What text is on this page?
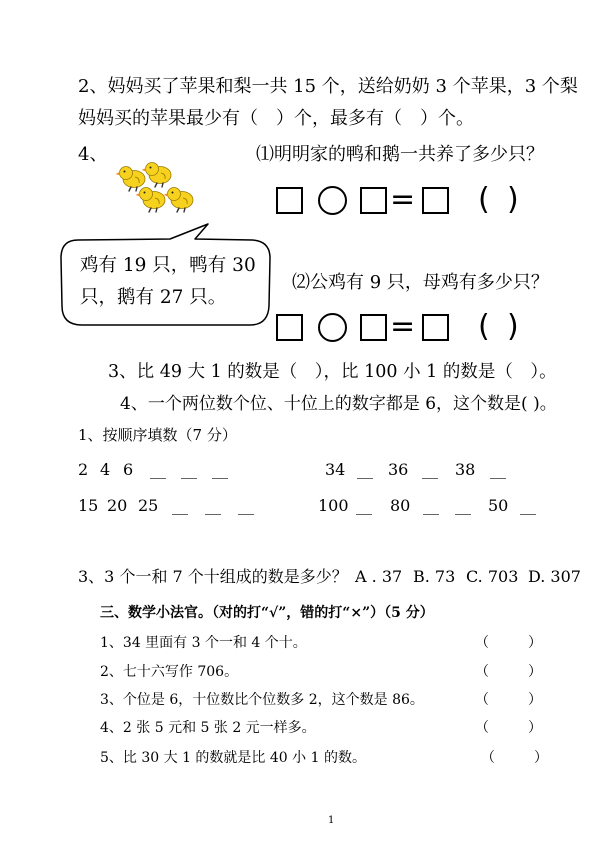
2、妈妈买了苹果和梨一共 15 个，送给奶奶 3 个苹果，3 个梨
妈妈买的苹果最少有（　）个，最多有（　）个。
4、	⑴明明家的鸭和鹅一共养了多少只？
= ( )
鸡有 19 只，鸭有 30
只，鹅有 27 只。
⑵公鸡有 9 只，母鸡有多少只？
= ( )
3、比 49 大 1 的数是（　），比 100 小 1 的数是（　）。
4、一个两位数个位、十位上的数字都是 6，这个数是( )。
1、按顺序填数（7 分）
2 4 6 __ __ __	34 __ 36 __ 38 __
15 20 25 __ __ __	100 __ 80 __ __ 50 __
3、3 个一和 7 个十组成的数是多少？ A . 37 B. 73 C. 703 D. 307
三、数学小法官。（对的打“√”，错的打“×”）（5 分）
1、34 里面有 3 个一和 4 个十。	（	）
2、七十六写作 706。	（	）
3、个位是 6，十位数比个位数多 2，这个数是 86。	（	）
4、2 张 5 元和 5 张 2 元一样多。	（	）
5、比 30 大 1 的数就是比 40 小 1 的数。	（	）
1
